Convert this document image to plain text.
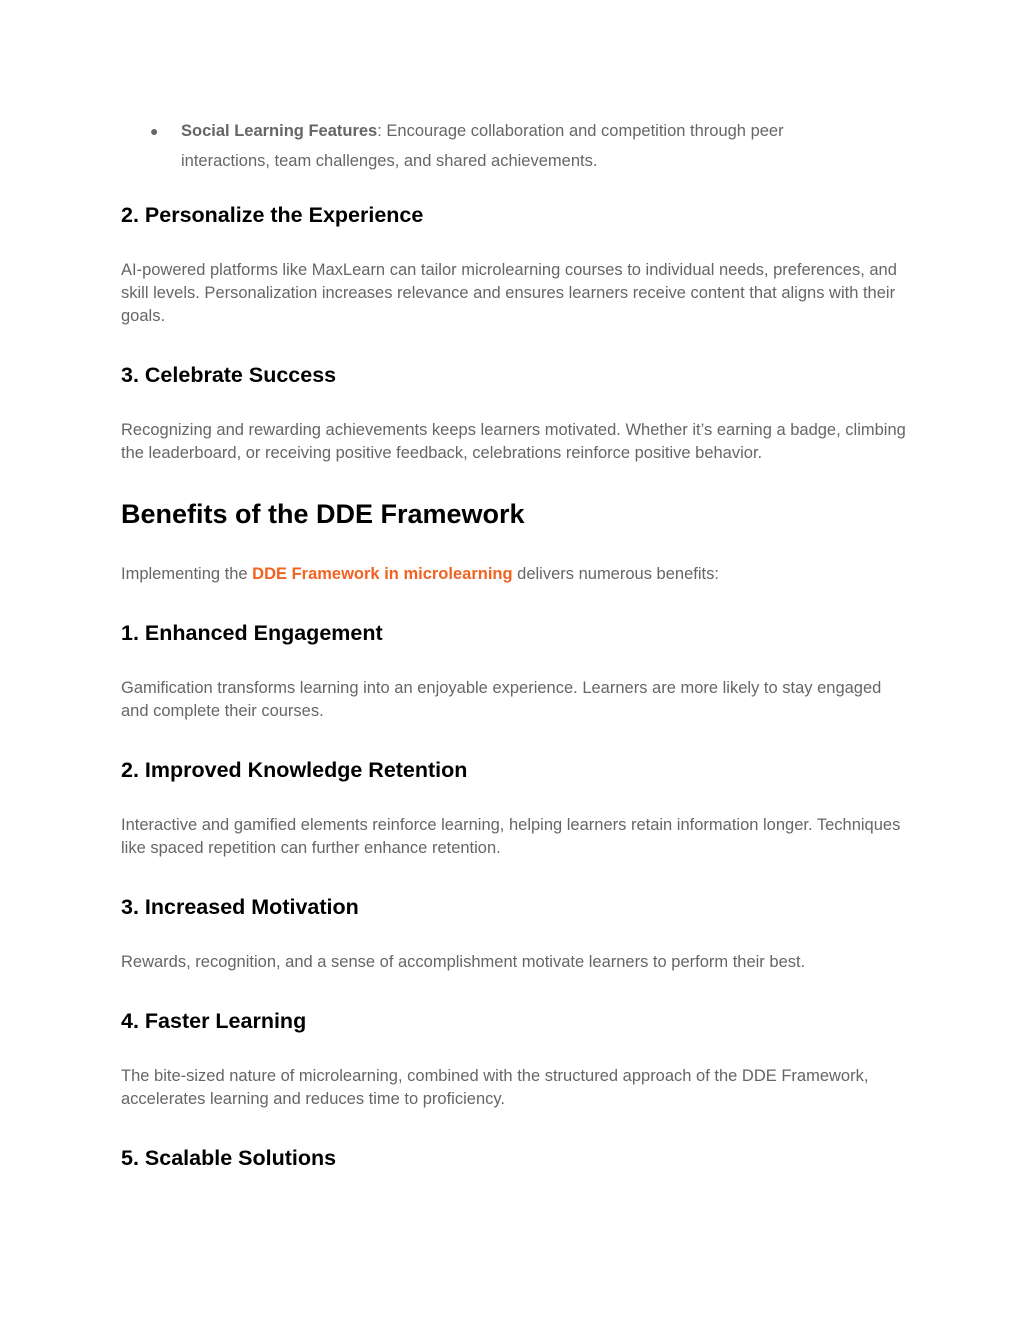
● Social Learning Features: Encourage collaboration and competition through peer interactions, team challenges, and shared achievements.
2. Personalize the Experience

AI-powered platforms like MaxLearn can tailor microlearning courses to individual needs, preferences, and skill levels. Personalization increases relevance and ensures learners receive content that aligns with their goals.

3. Celebrate Success

Recognizing and rewarding achievements keeps learners motivated. Whether it’s earning a badge, climbing the leaderboard, or receiving positive feedback, celebrations reinforce positive behavior.

Benefits of the DDE Framework

Implementing the DDE Framework in microlearning delivers numerous benefits:

1. Enhanced Engagement

Gamification transforms learning into an enjoyable experience. Learners are more likely to stay engaged and complete their courses.

2. Improved Knowledge Retention

Interactive and gamified elements reinforce learning, helping learners retain information longer. Techniques like spaced repetition can further enhance retention.

3. Increased Motivation

Rewards, recognition, and a sense of accomplishment motivate learners to perform their best.

4. Faster Learning

The bite-sized nature of microlearning, combined with the structured approach of the DDE Framework, accelerates learning and reduces time to proficiency.

5. Scalable Solutions
